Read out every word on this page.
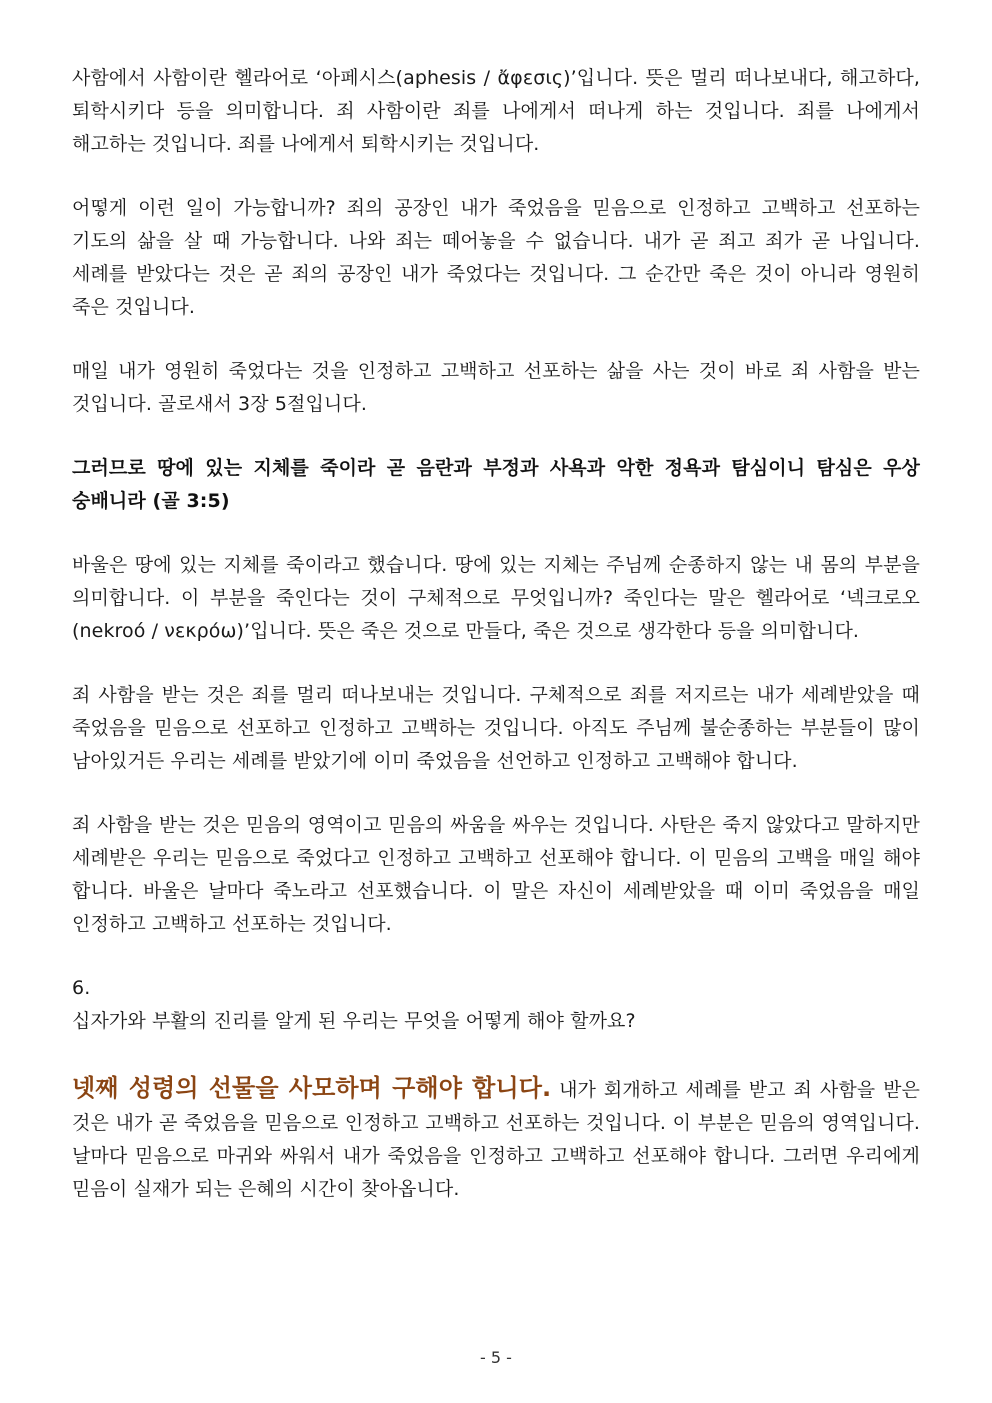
사함에서 사함이란 헬라어로 ‘아페시스(aphesis / ἄφεσις)’입니다. 뜻은 멀리 떠나보내다, 해고하다, 퇴학시키다 등을 의미합니다. 죄 사함이란 죄를 나에게서 떠나게 하는 것입니다. 죄를 나에게서 해고하는 것입니다. 죄를 나에게서 퇴학시키는 것입니다.

어떻게 이런 일이 가능합니까? 죄의 공장인 내가 죽었음을 믿음으로 인정하고 고백하고 선포하는 기도의 삶을 살 때 가능합니다. 나와 죄는 떼어놓을 수 없습니다. 내가 곧 죄고 죄가 곧 나입니다. 세례를 받았다는 것은 곧 죄의 공장인 내가 죽었다는 것입니다. 그 순간만 죽은 것이 아니라 영원히 죽은 것입니다.

매일 내가 영원히 죽었다는 것을 인정하고 고백하고 선포하는 삶을 사는 것이 바로 죄 사함을 받는 것입니다. 골로새서 3장 5절입니다.

그러므로 땅에 있는 지체를 죽이라 곧 음란과 부정과 사욕과 악한 정욕과 탐심이니 탐심은 우상 숭배니라 (골 3:5)

바울은 땅에 있는 지체를 죽이라고 했습니다. 땅에 있는 지체는 주님께 순종하지 않는 내 몸의 부분을 의미합니다. 이 부분을 죽인다는 것이 구체적으로 무엇입니까? 죽인다는 말은 헬라어로 ‘넥크로오(nekroó / νεκρόω)’입니다. 뜻은 죽은 것으로 만들다, 죽은 것으로 생각한다 등을 의미합니다.

죄 사함을 받는 것은 죄를 멀리 떠나보내는 것입니다. 구체적으로 죄를 저지르는 내가 세례받았을 때 죽었음을 믿음으로 선포하고 인정하고 고백하는 것입니다. 아직도 주님께 불순종하는 부분들이 많이 남아있거든 우리는 세례를 받았기에 이미 죽었음을 선언하고 인정하고 고백해야 합니다.

죄 사함을 받는 것은 믿음의 영역이고 믿음의 싸움을 싸우는 것입니다. 사탄은 죽지 않았다고 말하지만 세례받은 우리는 믿음으로 죽었다고 인정하고 고백하고 선포해야 합니다. 이 믿음의 고백을 매일 해야 합니다. 바울은 날마다 죽노라고 선포했습니다. 이 말은 자신이 세례받았을 때 이미 죽었음을 매일 인정하고 고백하고 선포하는 것입니다.

6.

십자가와 부활의 진리를 알게 된 우리는 무엇을 어떻게 해야 할까요?

넷째 성령의 선물을 사모하며 구해야 합니다. 내가 회개하고 세례를 받고 죄 사함을 받은 것은 내가 곧 죽었음을 믿음으로 인정하고 고백하고 선포하는 것입니다. 이 부분은 믿음의 영역입니다. 날마다 믿음으로 마귀와 싸워서 내가 죽었음을 인정하고 고백하고 선포해야 합니다. 그러면 우리에게 믿음이 실재가 되는 은혜의 시간이 찾아옵니다.

- 5 -
